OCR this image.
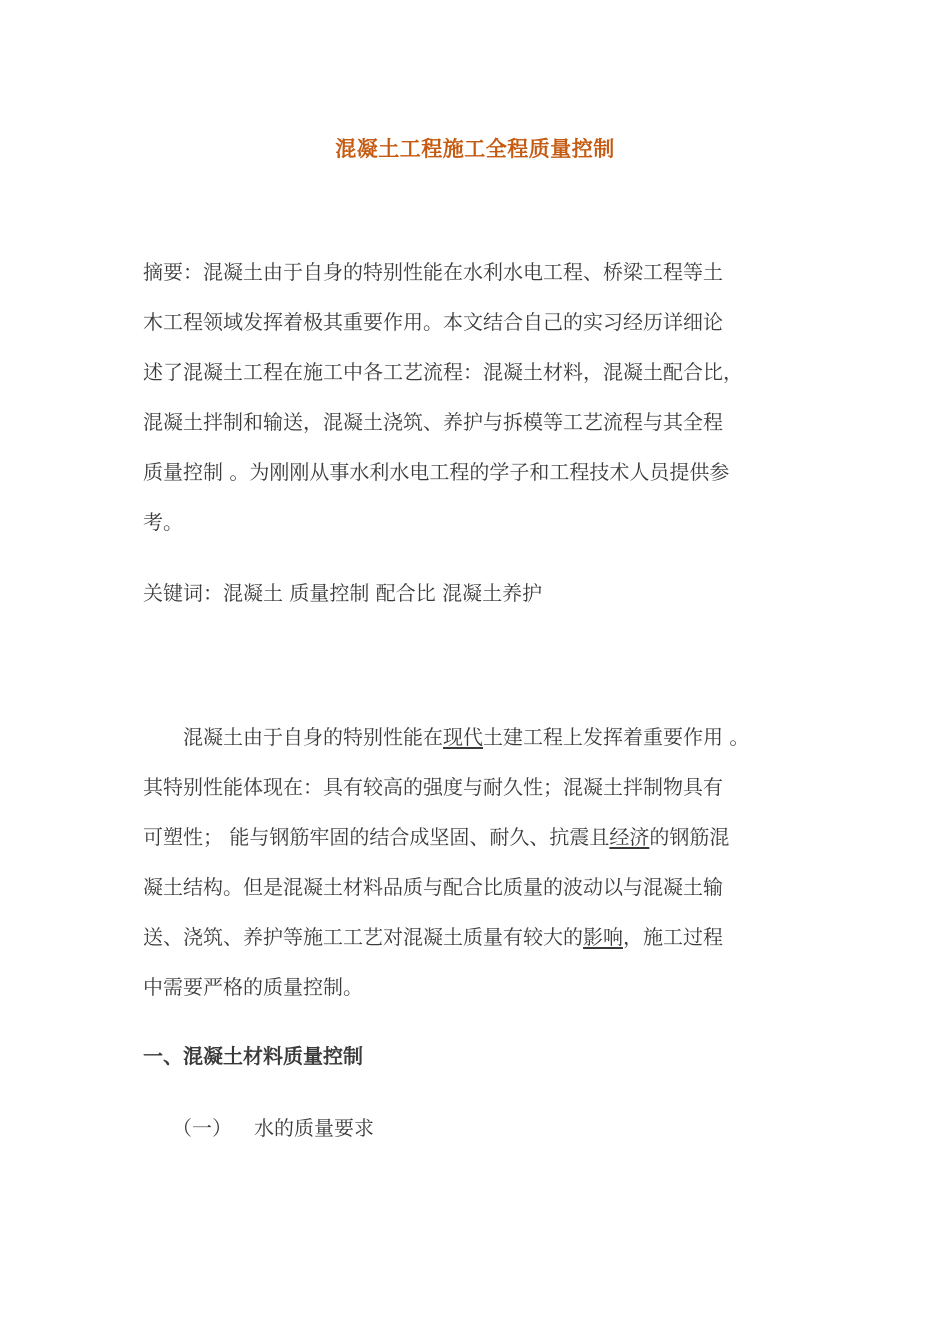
混凝土工程施工全程质量控制
摘要：混凝土由于自身的特别性能在水利水电工程、桥梁工程等土
木工程领域发挥着极其重要作用。本文结合自己的实习经历详细论
述了混凝土工程在施工中各工艺流程：混凝土材料，混凝土配合比，
混凝土拌制和输送，混凝土浇筑、养护与拆模等工艺流程与其全程
质量控制 。为刚刚从事水利水电工程的学子和工程技术人员提供参
考。
关键词：混凝土 质量控制 配合比 混凝土养护
　　混凝土由于自身的特别性能在现代土建工程上发挥着重要作用 。
其特别性能体现在：具有较高的强度与耐久性；混凝土拌制物具有
可塑性； 能与钢筋牢固的结合成坚固、耐久、抗震且经济的钢筋混
凝土结构。但是混凝土材料品质与配合比质量的波动以与混凝土输
送、浇筑、养护等施工工艺对混凝土质量有较大的影响，施工过程
中需要严格的质量控制。
一、混凝土材料质量控制
（一） 水的质量要求
